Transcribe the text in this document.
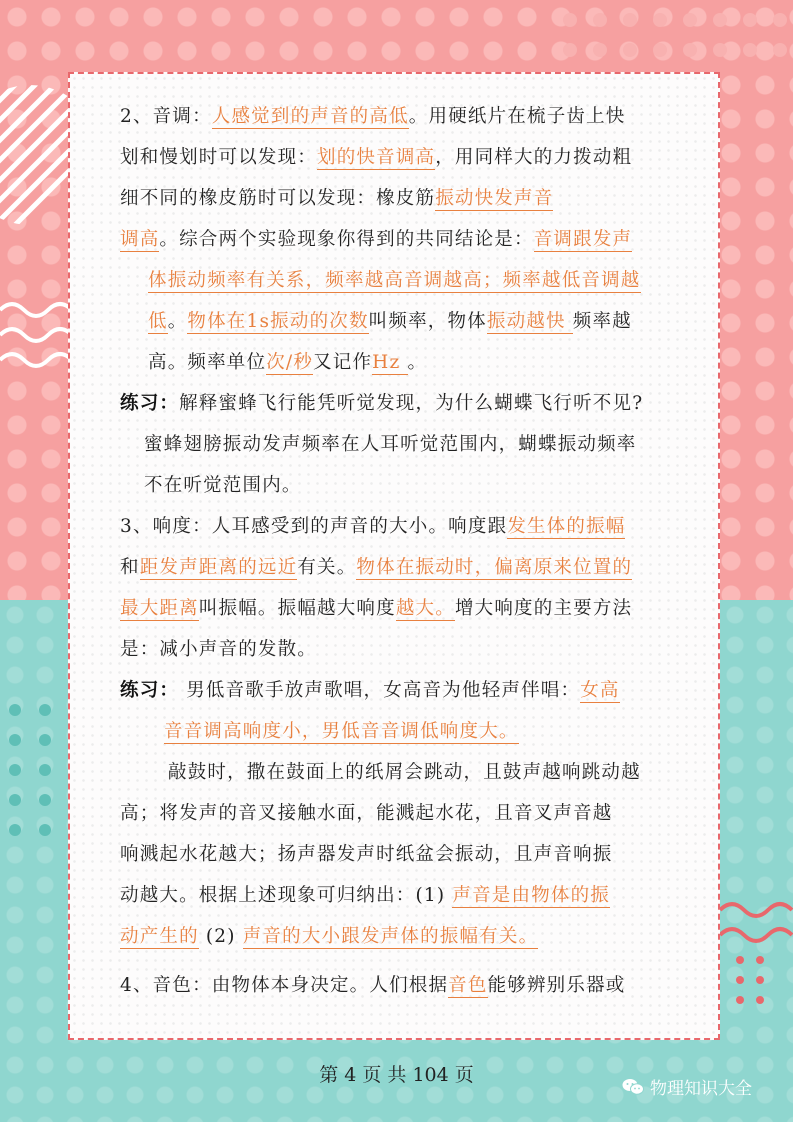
2、音调：人感觉到的声音的高低。用硬纸片在梳子齿上快
划和慢划时可以发现：划的快音调高，用同样大的力拨动粗
细不同的橡皮筋时可以发现：橡皮筋振动快发声音
调高。综合两个实验现象你得到的共同结论是：音调跟发声
体振动频率有关系，频率越高音调越高；频率越低音调越
低。物体在1s振动的次数叫频率，物体振动越快 频率越
高。频率单位次/秒又记作Hz 。
练习：解释蜜蜂飞行能凭听觉发现，为什么蝴蝶飞行听不见?
蜜蜂翅膀振动发声频率在人耳听觉范围内，蝴蝶振动频率
不在听觉范围内。
3、响度：人耳感受到的声音的大小。响度跟发生体的振幅
和距发声距离的远近有关。物体在振动时，偏离原来位置的
最大距离叫振幅。振幅越大响度越大。增大响度的主要方法
是：减小声音的发散。
练习： 男低音歌手放声歌唱，女高音为他轻声伴唱：女高
音音调高响度小，男低音音调低响度大。
敲鼓时，撒在鼓面上的纸屑会跳动，且鼓声越响跳动越
高；将发声的音叉接触水面，能溅起水花，且音叉声音越
响溅起水花越大；扬声器发声时纸盆会振动，且声音响振
动越大。根据上述现象可归纳出：(1) 声音是由物体的振
动产生的 (2) 声音的大小跟发声体的振幅有关。
4、音色：由物体本身决定。人们根据音色能够辨别乐器或
第 4 页 共 104 页
物理知识大全
